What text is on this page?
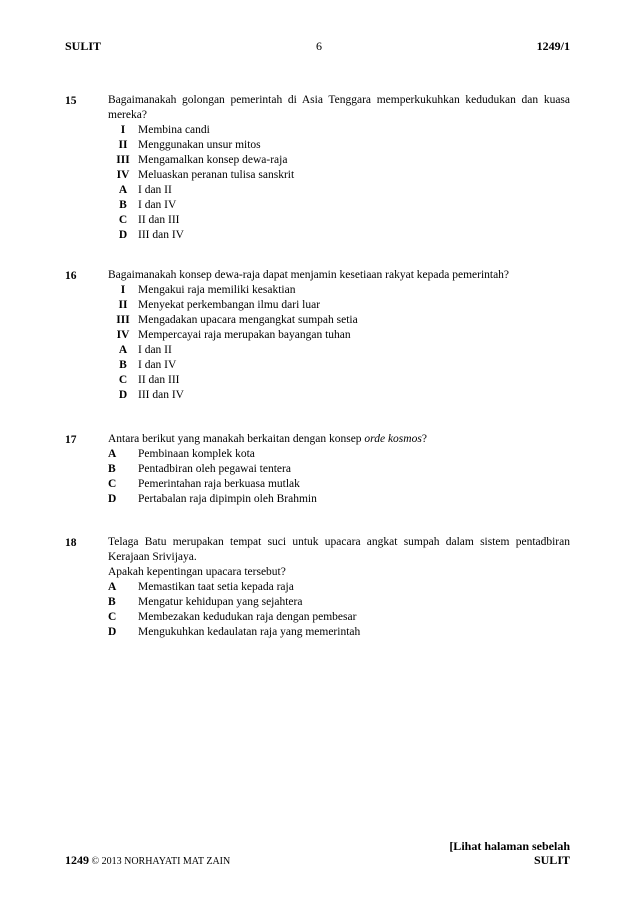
SULIT	6	1249/1
15	Bagaimanakah golongan pemerintah di Asia Tenggara memperkukuhkan kedudukan dan kuasa mereka?
I	Membina candi
II Menggunakan unsur mitos
III Mengamalkan konsep dewa-raja
IV Meluaskan peranan tulisa sanskrit
A I dan II
B I dan IV
C II dan III
D III dan IV
16	Bagaimanakah konsep dewa-raja dapat menjamin kesetiaan rakyat kepada pemerintah?
I	Mengakui raja memiliki kesaktian
II Menyekat perkembangan ilmu dari luar
III Mengadakan upacara mengangkat sumpah setia
IV Mempercayai raja merupakan bayangan tuhan
A I dan II
B I dan IV
C II dan III
D III dan IV
17	Antara berikut yang manakah berkaitan dengan konsep orde kosmos?
A	Pembinaan komplek kota
B	Pentadbiran oleh pegawai tentera
C	Pemerintahan raja berkuasa mutlak
D	Pertabalan raja dipimpin oleh Brahmin
18	Telaga Batu merupakan tempat suci untuk upacara angkat sumpah dalam sistem pentadbiran Kerajaan Srivijaya.
Apakah kepentingan upacara tersebut?
A	Memastikan taat setia kepada raja
B	Mengatur kehidupan yang sejahtera
C	Membezakan kedudukan raja dengan pembesar
D	Mengukuhkan kedaulatan raja yang memerintah
[Lihat halaman sebelah
1249 © 2013 NORHAYATI MAT ZAIN	SULIT
